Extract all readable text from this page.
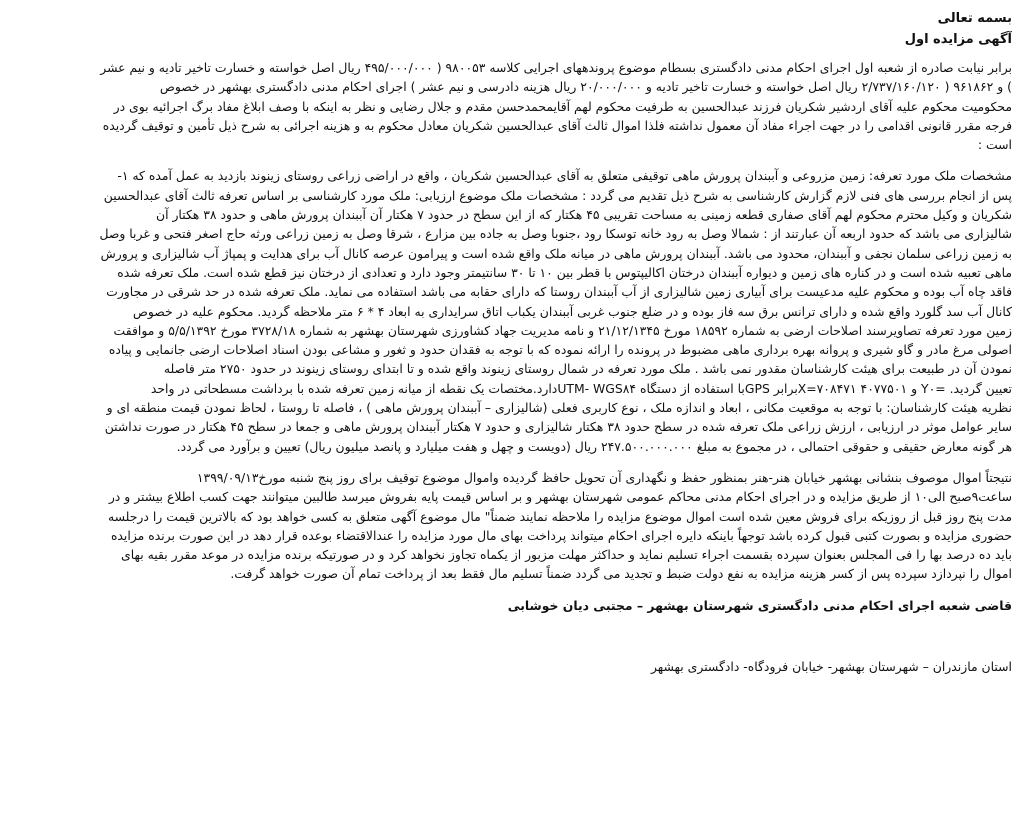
بسمه تعالی
آگهی مزایده اول
برابر نیابت صادره از شعبه اول اجرای احکام مدنی دادگستری بسطام موضوع پروندههای اجرایی کلاسه ۹۸۰۰۵۳ ( ۴۹۵/۰۰۰/۰۰۰ ریال اصل خواسته و خسارت تاخیر تادیه و نیم عشر
) و ۹۶۱۸۶۲ ( ۲/۷۳۷/۱۶۰/۱۲۰ ریال اصل خواسته و خسارت تاخیر تادیه و ۲۰/۰۰۰/۰۰۰ ریال هزینه دادرسی و نیم عشر ) اجرای احکام مدنی دادگستری بهشهر در خصوص
محکومیت محکوم علیه آقای اردشیر شکریان فرزند عبدالحسین به طرفیت محکوم لهم آقایمحمدحسن مقدم و جلال رضایی و نظر به اینکه با وصف ابلاغ مفاد برگ اجرائیه بوی در
فرجه مقرر قانونی اقدامی را در جهت اجراء مفاد آن معمول نداشته فلذا اموال ثالث آقای عبدالحسین شکریان معادل محکوم به و هزینه اجرائی به شرح ذیل تأمین و توقیف گردیده
است :
مشخصات ملک مورد تعرفه: زمین مزروعی و آببندان پرورش ماهی توقیفی متعلق به آقای عبدالحسین شکریان ، واقع در اراضی زراعی روستای زینوند بازدید به عمل آمده که ۱-
پس از انجام بررسی های فنی لازم گزارش کارشناسی به شرح ذیل تقدیم می گردد : مشخصات ملک موضوع ارزیابی: ملک مورد کارشناسی بر اساس تعرفه ثالث آقای عبدالحسین
شکریان و وکیل محترم محکوم لهم آقای صفاری قطعه زمینی به مساحت تقریبی ۴۵ هکتار که از این سطح در حدود ۷ هکتار آن آببندان پرورش ماهی و حدود ۳۸ هکتار آن
شالیزاری می باشد که حدود اربعه آن عبارتند از : شمالا وصل به رود خانه توسکا رود ،جنوبا وصل به جاده بین مزارع ، شرقا وصل به زمین زراعی ورثه حاج اصغر فتحی و غربا وصل
به زمین زراعی سلمان نجفی و آببندان، محدود می باشد. آببندان پرورش ماهی در میانه ملک واقع شده است و پیرامون عرصه کانال آب برای هدایت و پمپاژ آب شالیزاری و پرورش
ماهی تعبیه شده است و در کناره های زمین و دیواره آببندان درختان اکالیپتوس با قطر بین ۱۰ تا ۳۰ سانتیمتر وجود دارد و تعدادی از درختان نیز قطع شده است. ملک تعرفه شده
فاقد چاه آب بوده و محکوم علیه مدعیست برای آبیاری زمین شالیزاری از آب آببندان روستا که دارای حقابه می باشد استفاده می نماید. ملک تعرفه شده در حد شرقی در مجاورت
کانال آب سد گلورد واقع شده و دارای ترانس برق سه فاز بوده و در ضلع جنوب غربی آببندان یکباب اتاق سرایداری به ابعاد ۴ * ۶ متر ملاحظه گردید. محکوم علیه در خصوص
زمین مورد تعرفه تصاویرسند اصلاحات ارضی به شماره ۱۸۵۹۲ مورخ ۲۱/۱۲/۱۳۴۵ و نامه مدیریت جهاد کشاورزی شهرستان بهشهر به شماره ۳۷۲۸/۱۸ مورخ ۵/۵/۱۳۹۲ و موافقت
اصولی مرغ مادر و گاو شیری و پروانه بهره برداری ماهی مضبوط در پرونده را ارائه نموده که با توجه به فقدان حدود و ثغور و مشاعی بودن اسناد اصلاحات ارضی جانمایی و پیاده
نمودن آن در طبیعت برای هیئت کارشناسان مقدور نمی باشد . ملک مورد تعرفه در شمال روستای زینوند واقع شده و تا ابتدای روستای زینوند در حدود ۲۷۵۰ متر فاصله
تعیین گردید. =Y۰ و ۴۰۷۷۵۰۱ X=۷۰۸۴۷۱برابر GPSبا استفاده از دستگاه UTM- WGS۸۴دارد.مختصات یک نقطه از میانه زمین تعرفه شده با برداشت مسطحاتی در واحد
نظریه هیئت کارشناسان: با توجه به موقعیت مکانی ، ابعاد و اندازه ملک ، نوع کاربری فعلی (شالیزاری – آببندان پرورش ماهی ) ، فاصله تا روستا ، لحاظ نمودن قیمت منطقه ای و
سایر عوامل موثر در ارزیابی ، ارزش زراعی ملک تعرفه شده در سطح حدود ۳۸ هکتار شالیزاری و حدود ۷ هکتار آببندان پرورش ماهی و جمعا در سطح ۴۵ هکتار در صورت نداشتن
هر گونه معارض حقیقی و حقوقی احتمالی ، در مجموع به مبلغ ۲۴۷.۵۰۰.۰۰۰.۰۰۰ ریال (دویست و چهل و هفت میلیارد و پانصد میلیون ریال) تعیین و برآورد می گردد.
نتیجتاً اموال موصوف بنشانی بهشهر خیابان هنر-هنر بمنظور حفظ و نگهداری آن تحویل حافظ گردیده واموال موضوع توقیف برای روز پنج شنبه مورخ۱۳۹۹/۰۹/۱۳
ساعت۹صبح الی۱۰ از طریق مزایده و در اجرای احکام مدنی محاکم عمومی شهرستان بهشهر و بر اساس قیمت پایه بفروش میرسد طالبین میتوانند جهت کسب اطلاع بیشتر و در
مدت پنج روز قبل از روزیکه برای فروش معین شده است اموال موضوع مزایده را ملاحظه نمایند ضمناً" مال موضوع آگهی متعلق به کسی خواهد بود که بالاترین قیمت را درجلسه
حضوری مزایده و بصورت کتبی قبول کرده باشد توجهاً باینکه دایره اجرای احکام میتواند پرداخت بهای مال مورد مزایده را عندالاقتضاء بوعده قرار دهد در این صورت برنده مزایده
باید ده درصد بها را فی المجلس بعنوان سپرده بقسمت اجراء تسلیم نماید و حداکثر مهلت مزبور از یکماه تجاوز نخواهد کرد و در صورتیکه برنده مزایده در موعد مقرر بقیه بهای
اموال را نپردازد سپرده پس از کسر هزینه مزایده به نفع دولت ضبط و تجدید می گردد ضمناً تسلیم مال فقط بعد از پرداخت تمام آن صورت خواهد گرفت.
قاضی شعبه اجرای احکام مدنی دادگستری شهرستان بهشهر – مجتبی دیان خوشابی
استان مازندران – شهرستان بهشهر- خیابان فرودگاه- دادگستری بهشهر
